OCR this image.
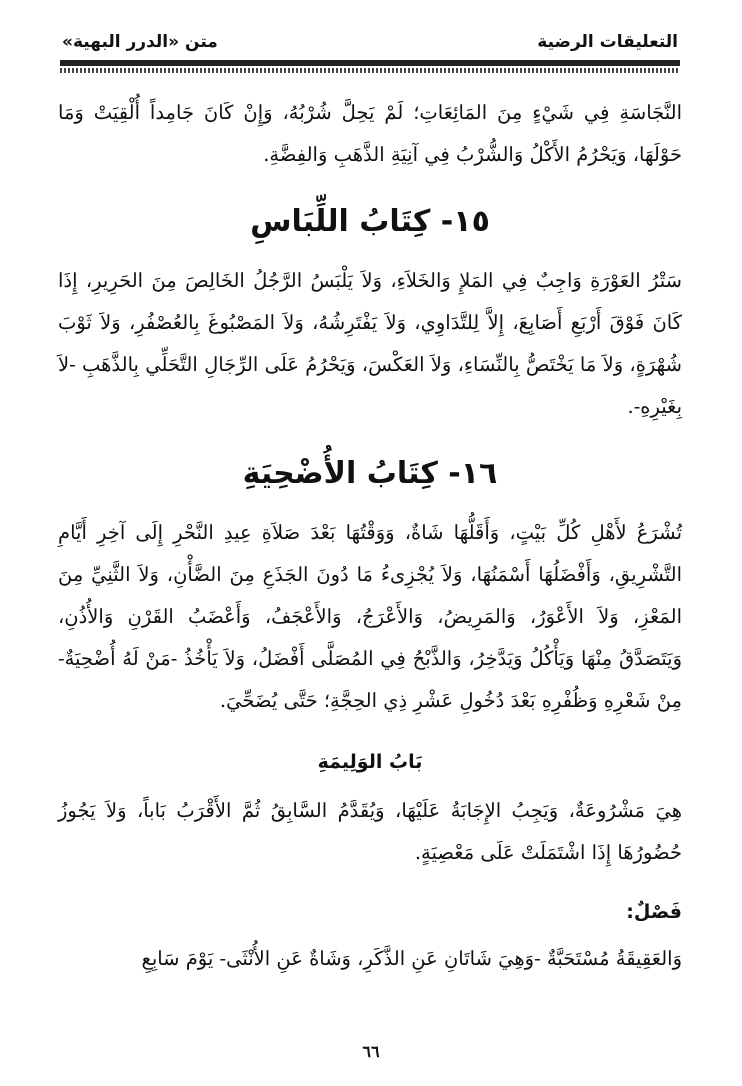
التعليقات الرضية
متن «الدرر البهية»

النَّجَاسَةِ فِي شَيْءٍ مِنَ المَائِعَاتِ؛ لَمْ يَحِلَّ شُرْبُهُ، وَإِنْ كَانَ جَامِداً أُلْقِيَتْ وَمَا حَوْلَهَا، وَيَحْرُمُ الأَكْلُ وَالشُّرْبُ فِي آنِيَةِ الذَّهَبِ وَالفِضَّةِ.

١٥- كِتَابُ اللِّبَاسِ

سَتْرُ العَوْرَةِ وَاجِبٌ فِي المَلإِ وَالخَلاَءِ، وَلاَ يَلْبَسُ الرَّجُلُ الخَالِصَ مِنَ الحَرِيرِ، إِذَا كَانَ فَوْقَ أَرْبَعِ أَصَابِعَ، إِلاَّ لِلتَّدَاوِي، وَلاَ يَفْتَرِشُهُ، وَلاَ المَصْبُوغَ بِالعُصْفُرِ، وَلاَ ثَوْبَ شُهْرَةٍ، وَلاَ مَا يَخْتَصُّ بِالنِّسَاءِ، وَلاَ العَكْسَ، وَيَحْرُمُ عَلَى الرِّجَالِ التَّحَلِّي بِالذَّهَبِ -لاَ بِغَيْرِهِ-.

١٦- كِتَابُ الأُضْحِيَةِ

تُشْرَعُ لأَهْلِ كُلِّ بَيْتٍ، وَأَقَلُّهَا شَاةٌ، وَوَقْتُهَا بَعْدَ صَلاَةِ عِيدِ النَّحْرِ إِلَى آخِرِ أَيَّامِ التَّشْرِيقِ، وَأَفْضَلُهَا أَسْمَنُهَا، وَلاَ يُجْزِىءُ مَا دُونَ الجَذَعِ مِنَ الضَّأْنِ، وَلاَ الثَّنِيِّ مِنَ المَعْزِ، وَلاَ الأَعْوَرُ، وَالمَرِيضُ، وَالأَعْرَجُ، وَالأَعْجَفُ، وَأَعْضَبُ القَرْنِ وَالأُذُنِ، وَيَتَصَدَّقُ مِنْهَا وَيَأْكُلُ وَيَدَّخِرُ، وَالذَّبْحُ فِي المُصَلَّى أَفْضَلُ، وَلاَ يَأْخُذُ -مَنْ لَهُ أُضْحِيَةٌ- مِنْ شَعْرِهِ وَظُفْرِهِ بَعْدَ دُخُولِ عَشْرِ ذِي الحِجَّةِ؛ حَتَّى يُضَحِّيَ.

بَابُ الوَلِيمَةِ

هِيَ مَشْرُوعَةٌ، وَيَجِبُ الإِجَابَةُ عَلَيْهَا، وَيُقَدَّمُ السَّابِقُ ثُمَّ الأَقْرَبُ بَاباً، وَلاَ يَجُوزُ حُضُورُهَا إِذَا اشْتَمَلَتْ عَلَى مَعْصِيَةٍ.

فَصْلٌ:

وَالعَقِيقَةُ مُسْتَحَبَّةٌ -وَهِيَ شَاتَانِ عَنِ الذَّكَرِ، وَشَاةٌ عَنِ الأُنْثَى- يَوْمَ سَابِعِ

٦٦
